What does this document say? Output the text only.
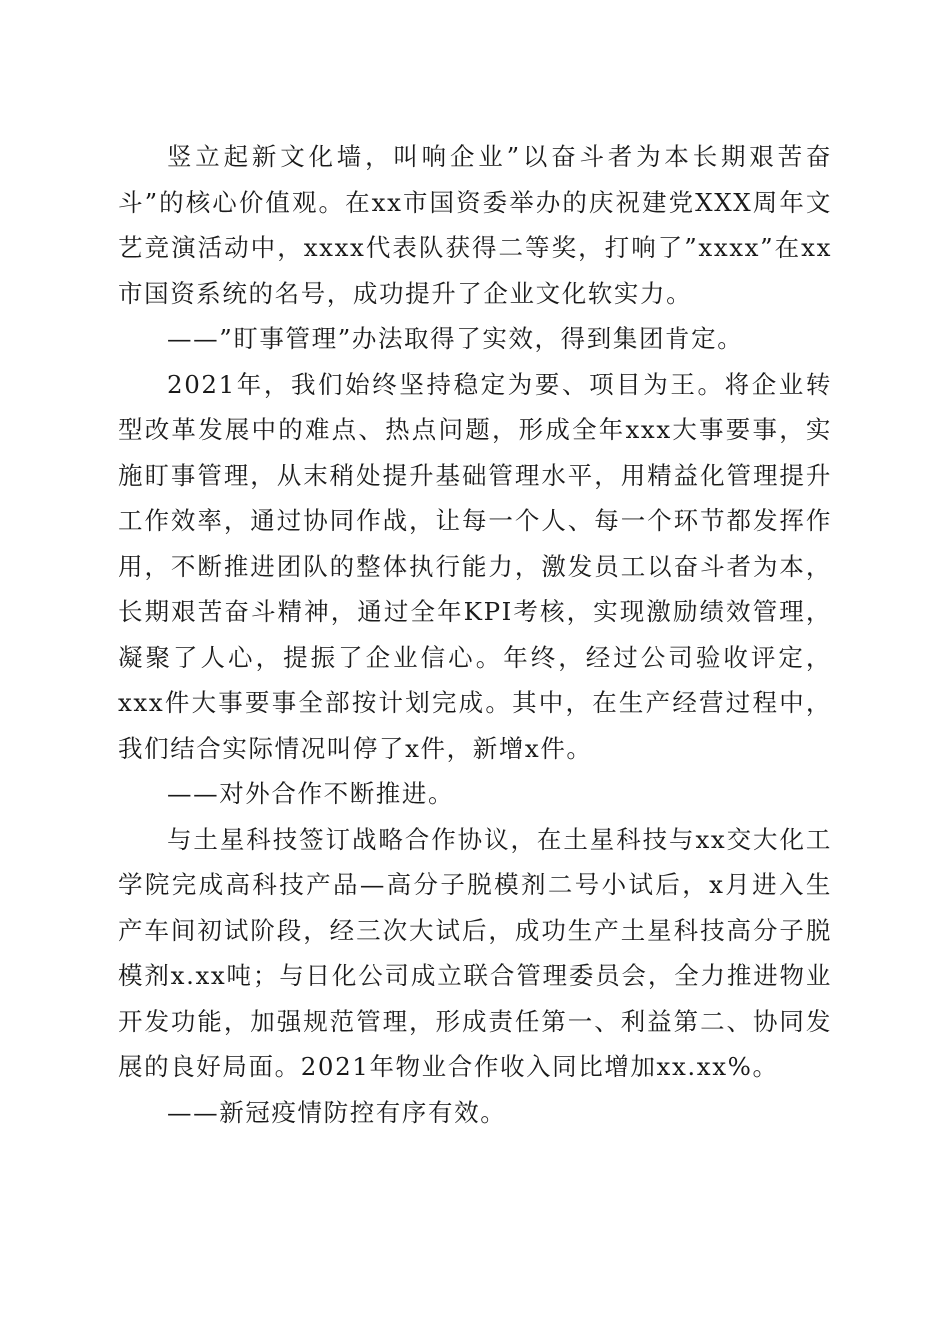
竖立起新文化墙，叫响企业”以奋斗者为本长期艰苦奋斗”的核心价值观。在xx市国资委举办的庆祝建党XXX周年文艺竞演活动中，xxxx代表队获得二等奖，打响了”xxxx”在xx市国资系统的名号，成功提升了企业文化软实力。

——”盯事管理”办法取得了实效，得到集团肯定。

2021年，我们始终坚持稳定为要、项目为王。将企业转型改革发展中的难点、热点问题，形成全年xxx大事要事，实施盯事管理，从末稍处提升基础管理水平，用精益化管理提升工作效率，通过协同作战，让每一个人、每一个环节都发挥作用，不断推进团队的整体执行能力，激发员工以奋斗者为本，长期艰苦奋斗精神，通过全年KPI考核，实现激励绩效管理，凝聚了人心，提振了企业信心。年终，经过公司验收评定，xxx件大事要事全部按计划完成。其中，在生产经营过程中，我们结合实际情况叫停了x件，新增x件。

——对外合作不断推进。

与土星科技签订战略合作协议，在土星科技与xx交大化工学院完成高科技产品—高分子脱模剂二号小试后，x月进入生产车间初试阶段，经三次大试后，成功生产土星科技高分子脱模剂x.xx吨；与日化公司成立联合管理委员会，全力推进物业开发功能，加强规范管理，形成责任第一、利益第二、协同发展的良好局面。2021年物业合作收入同比增加xx.xx%。

——新冠疫情防控有序有效。
